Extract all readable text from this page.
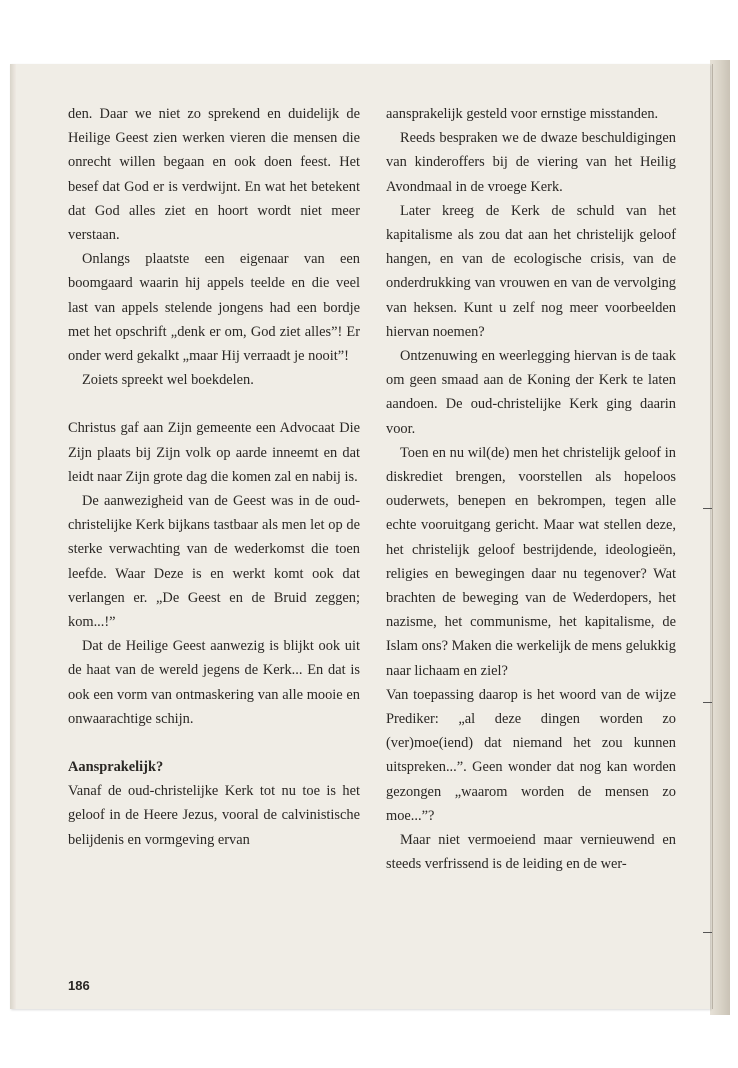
den. Daar we niet zo sprekend en duidelijk de Heilige Geest zien werken vieren die mensen die onrecht willen begaan en ook doen feest. Het besef dat God er is verdwijnt. En wat het betekent dat God alles ziet en hoort wordt niet meer verstaan.

Onlangs plaatste een eigenaar van een boomgaard waarin hij appels teelde en die veel last van appels stelende jongens had een bordje met het opschrift „denk er om, God ziet alles”! Er onder werd gekalkt „maar Hij verraadt je nooit”!

Zoiets spreekt wel boekdelen.

Christus gaf aan Zijn gemeente een Advocaat Die Zijn plaats bij Zijn volk op aarde inneemt en dat leidt naar Zijn grote dag die komen zal en nabij is.

De aanwezigheid van de Geest was in de oud-christelijke Kerk bijkans tastbaar als men let op de sterke verwachting van de wederkomst die toen leefde. Waar Deze is en werkt komt ook dat verlangen er. „De Geest en de Bruid zeggen; kom...!”

Dat de Heilige Geest aanwezig is blijkt ook uit de haat van de wereld jegens de Kerk... En dat is ook een vorm van ontmaskering van alle mooie en onwaarachtige schijn.

Aansprakelijk?

Vanaf de oud-christelijke Kerk tot nu toe is het geloof in de Heere Jezus, vooral de calvinistische belijdenis en vormgeving ervan

aansprakelijk gesteld voor ernstige misstanden.

Reeds bespraken we de dwaze beschuldigingen van kinderoffers bij de viering van het Heilig Avondmaal in de vroege Kerk.

Later kreeg de Kerk de schuld van het kapitalisme als zou dat aan het christelijk geloof hangen, en van de ecologische crisis, van de onderdrukking van vrouwen en van de vervolging van heksen. Kunt u zelf nog meer voorbeelden hiervan noemen?

Ontzenuwing en weerlegging hiervan is de taak om geen smaad aan de Koning der Kerk te laten aandoen. De oud-christelijke Kerk ging daarin voor.

Toen en nu wil(de) men het christelijk geloof in diskrediet brengen, voorstellen als hopeloos ouderwets, benepen en bekrompen, tegen alle echte vooruitgang gericht. Maar wat stellen deze, het christelijk geloof bestrijdende, ideologieën, religies en bewegingen daar nu tegenover? Wat brachten de beweging van de Wederdopers, het nazisme, het communisme, het kapitalisme, de Islam ons? Maken die werkelijk de mens gelukkig naar lichaam en ziel?

Van toepassing daarop is het woord van de wijze Prediker: „al deze dingen worden zo (ver)moe(iend) dat niemand het zou kunnen uitspreken...”. Geen wonder dat nog kan worden gezongen „waarom worden de mensen zo moe...”?

Maar niet vermoeiend maar vernieuwend en steeds verfrissend is de leiding en de wer-

186
